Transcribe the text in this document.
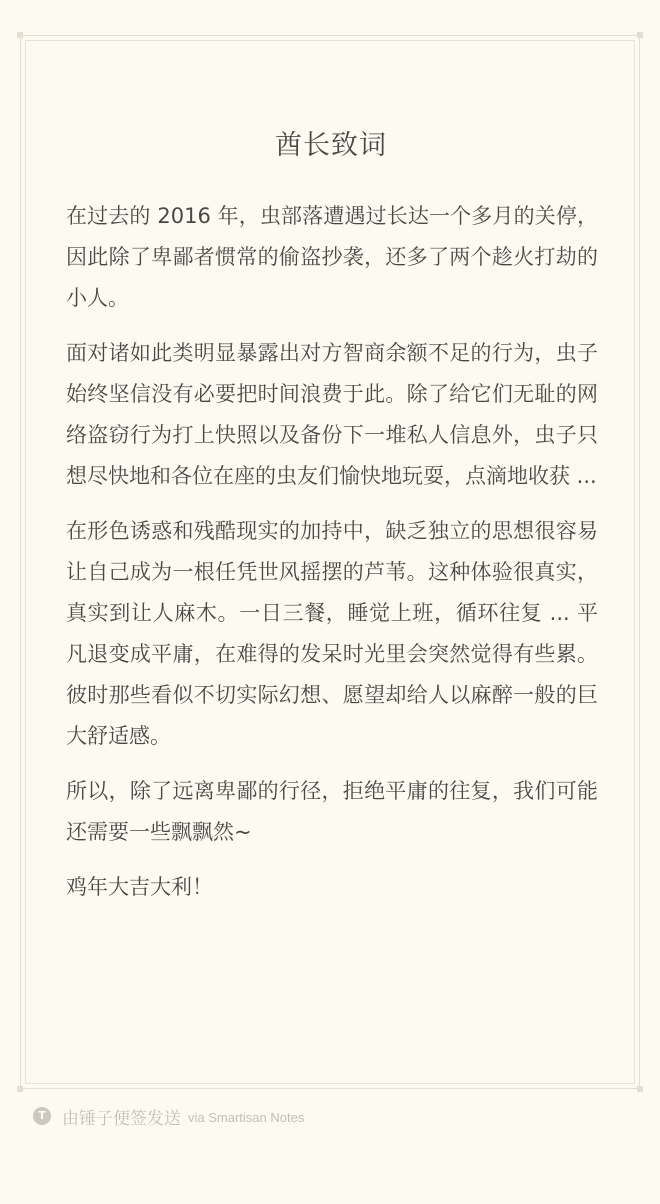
酋长致词

在过去的 2016 年，虫部落遭遇过长达一个多月的关停，因此除了卑鄙者惯常的偷盗抄袭，还多了两个趁火打劫的小人。

面对诸如此类明显暴露出对方智商余额不足的行为，虫子始终坚信没有必要把时间浪费于此。除了给它们无耻的网络盗窃行为打上快照以及备份下一堆私人信息外，虫子只想尽快地和各位在座的虫友们愉快地玩耍，点滴地收获 ...

在形色诱惑和残酷现实的加持中，缺乏独立的思想很容易让自己成为一根任凭世风摇摆的芦苇。这种体验很真实，真实到让人麻木。一日三餐，睡觉上班，循环往复 ... 平凡退变成平庸，在难得的发呆时光里会突然觉得有些累。彼时那些看似不切实际幻想、愿望却给人以麻醉一般的巨大舒适感。

所以，除了远离卑鄙的行径，拒绝平庸的往复，我们可能还需要一些飘飘然~

鸡年大吉大利！

T 由锤子便签发送 via Smartisan Notes
